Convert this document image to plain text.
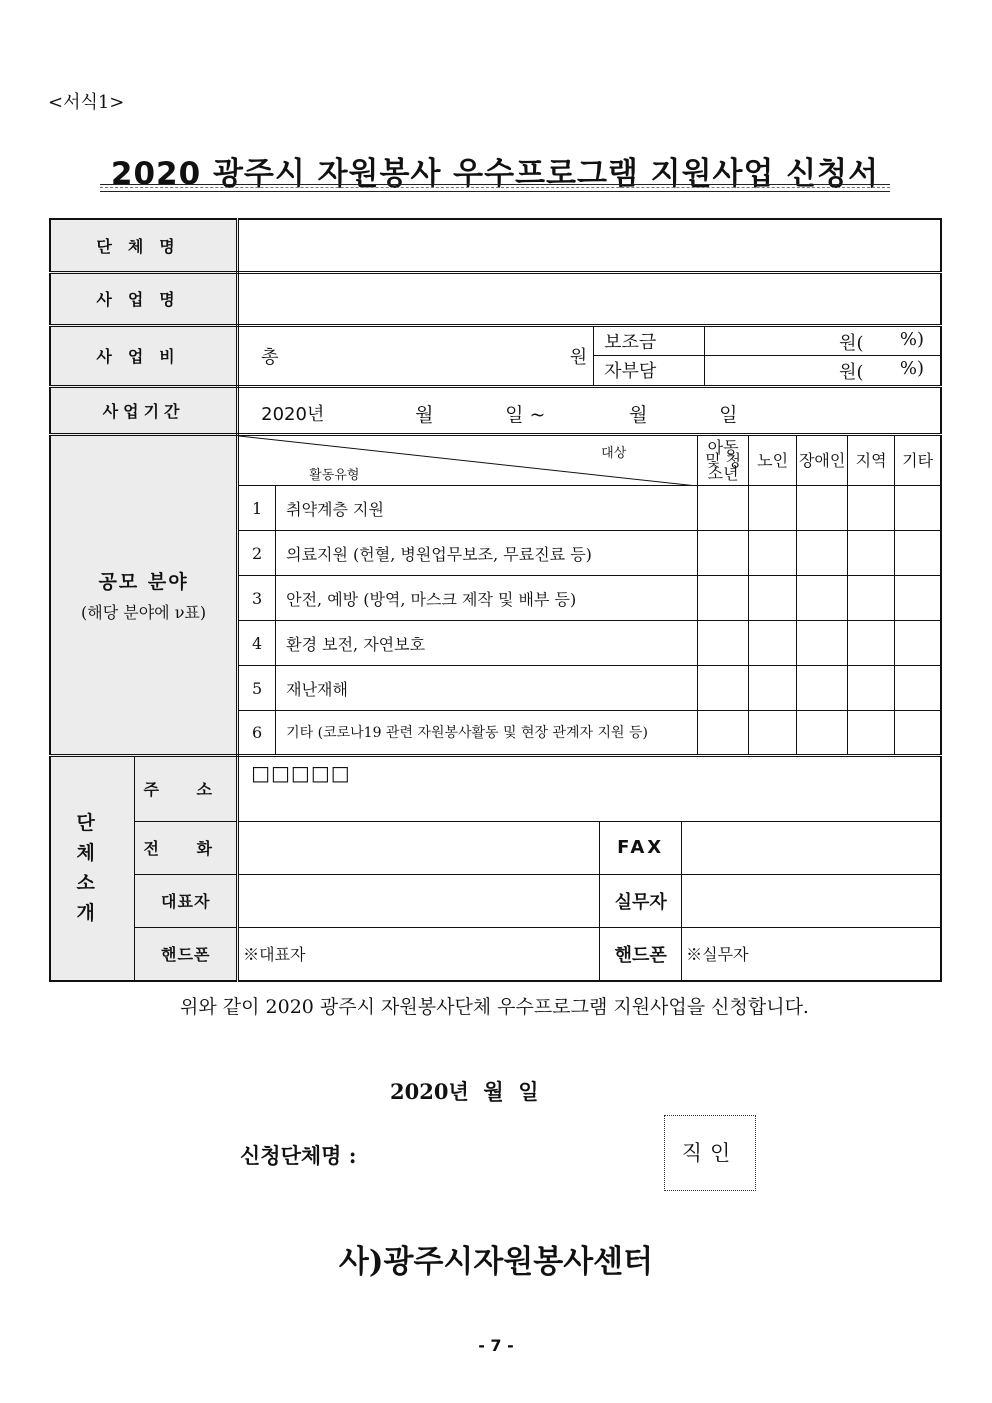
<서식1>
2020 광주시 자원봉사 우수프로그램 지원사업 신청서
단체명	
사업명	
사업비		총	원
	보조금	원( %)

자부담	원( %)

사업기간	2020년	월	일 ~	월	일

공모 분야
(해당 분야에 ν표)

대상
활동유형
	아동 및 청소년	노인	장애인	지역	기타
1	취약계층 지원					
2	의료지원 (헌혈, 병원업무보조, 무료진료 등)					
3	안전, 예방 (방역, 마스크 제작 및 배부 등)					
4	환경 보전, 자연보호					
5	재난재해					
6	기타 (코로나19 관련 자원봉사활동 및 현장 관계자 지원 등)					

단 체
소 개
	주 소	□□□□□
전 화		FAX	
대표자		실무자	
핸드폰	※대표자	핸드폰	※실무자
위와 같이 2020 광주시 자원봉사단체 우수프로그램 지원사업을 신청합니다.
2020년  월  일
신청단체명 :	직인
사)광주시자원봉사센터
- 7 -
